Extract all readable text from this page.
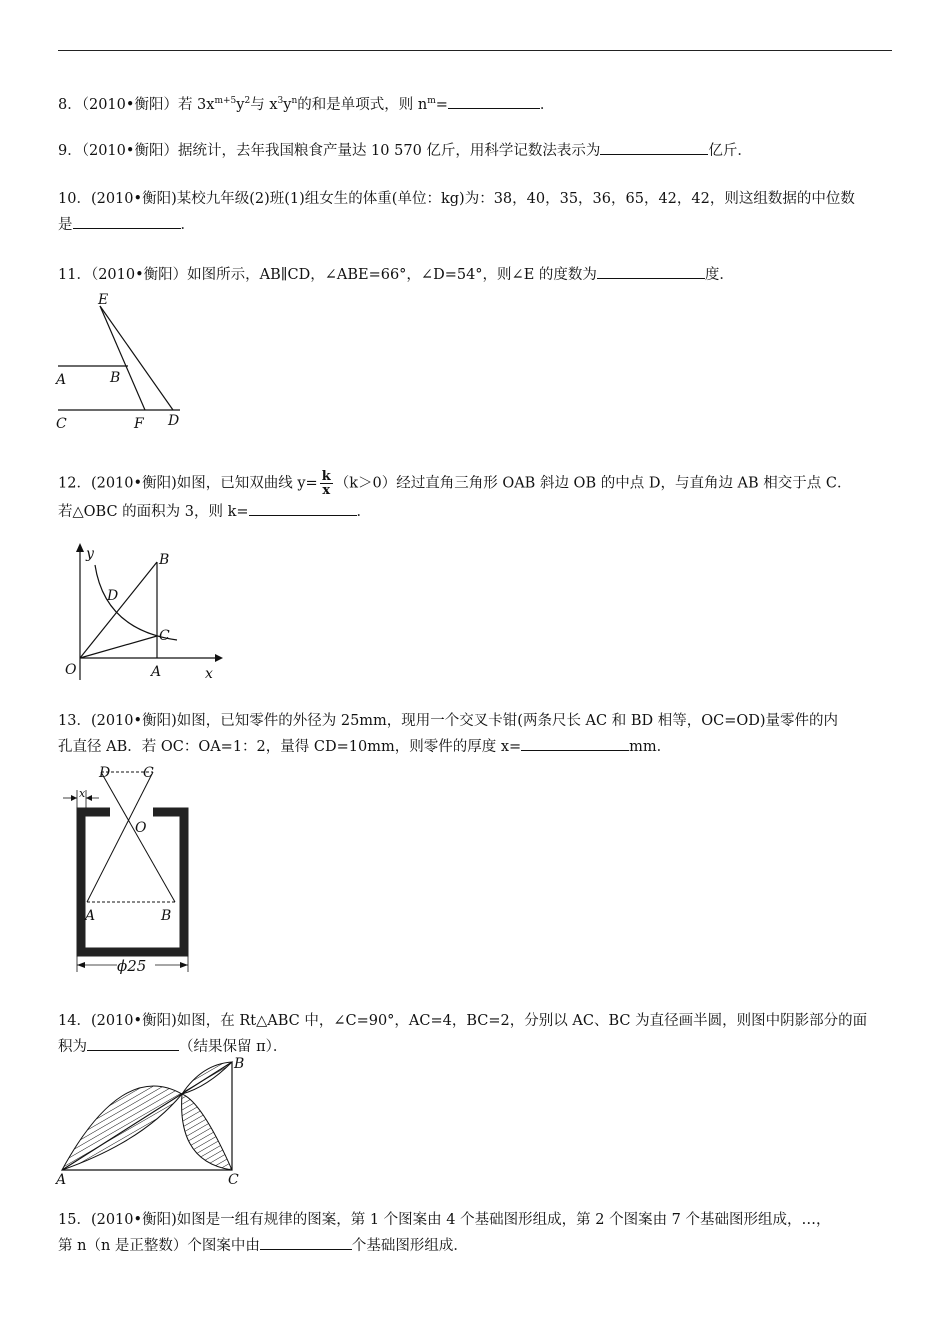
8．（2010•衡阳）若 $3x^{m+5}y^2$与 $x^3y^n$的和是单项式，则 $n^m=$	．
9．（2010•衡阳）据统计，去年我国粮食产量达 10 570 亿斤，用科学记数法表示为	亿斤．
10．(2010•衡阳)某校九年级(2)班(1)组女生的体重(单位：kg)为：38，40，35，36，65，42，42，则这组数据的中位数
是	．
11．（2010•衡阳）如图所示，AB∥CD，∠ABE=66°，∠D=54°，则∠E 的度数为	度．
E
A	B
C	F D
12．(2010•衡阳)如图，已知双曲线 $y= \frac{k}{x} (k>0)$经过直角三角形 OAB 斜边 OB 的中点 D，与直角边 AB 相交于点 C．
若△OBC 的面积为 3，则 k=	．
y	B
D
C
O	A	x
13．(2010•衡阳)如图，已知零件的外径为 25mm，现用一个交叉卡钳(两条尺长 AC 和 BD 相等，OC=OD)量零件的内
孔直径 AB．若 OC：OA=1：2，量得 CD=10mm，则零件的厚度 x=	mm．
D C
x
O
A	B
ϕ25
14．(2010•衡阳)如图，在 Rt△ABC 中，∠C=90°，AC=4，BC=2，分别以 AC、BC 为直径画半圆，则图中阴影部分的面
积为	（结果保留 π）．
B
A	C
15．(2010•衡阳)如图是一组有规律的图案，第 1 个图案由 4 个基础图形组成，第 2 个图案由 7 个基础图形组成，…，
第 n（n 是正整数）个图案中由	个基础图形组成．
